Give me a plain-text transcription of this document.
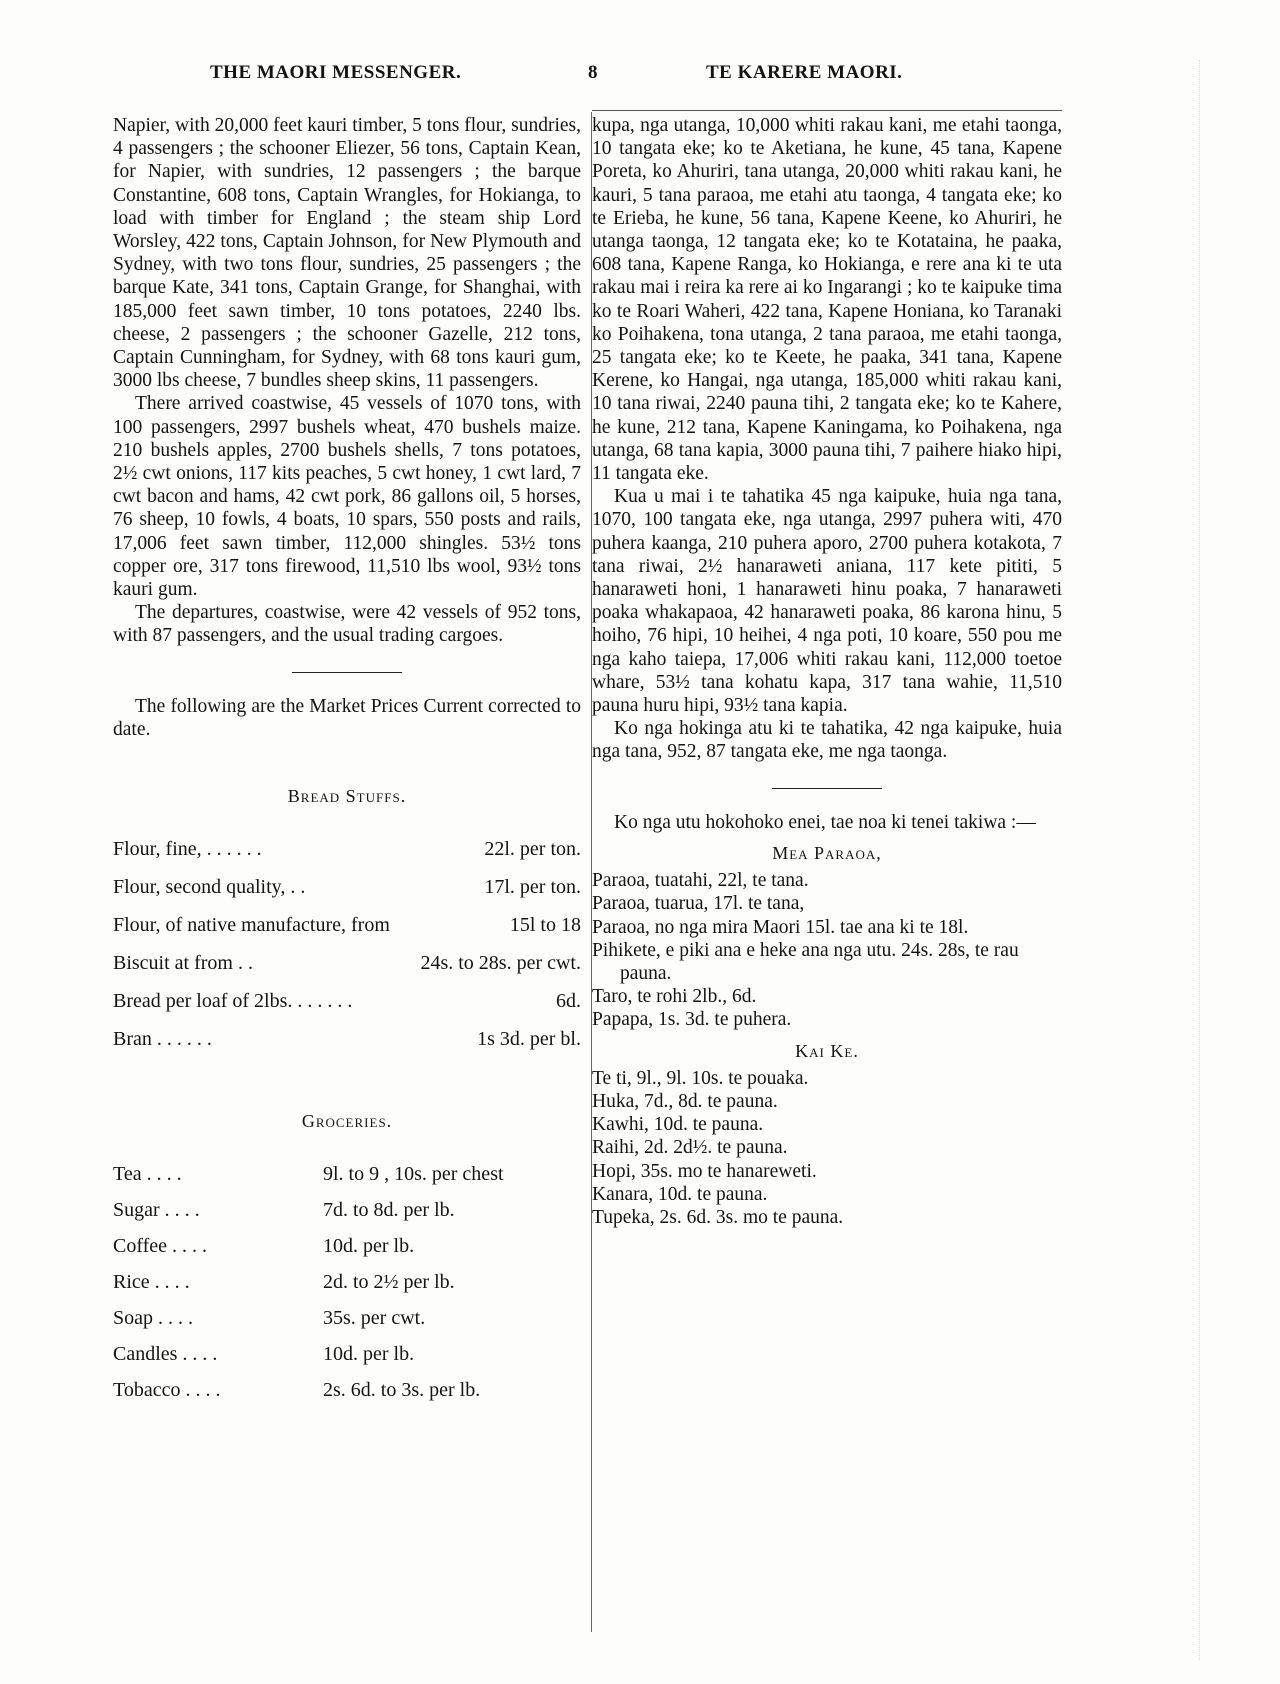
THE MAORI MESSENGER.	8	TE KARERE MAORI.

Napier, with 20,000 feet kauri timber, 5 tons flour, sundries, 4 passengers ; the schooner Eliezer, 56 tons, Captain Kean, for Napier, with sundries, 12 passengers ; the barque Constantine, 608 tons, Captain Wrangles, for Hokianga, to load with timber for England ; the steam ship Lord Worsley, 422 tons, Captain Johnson, for New Plymouth and Sydney, with two tons flour, sundries, 25 passengers ; the barque Kate, 341 tons, Captain Grange, for Shanghai, with 185,000 feet sawn timber, 10 tons potatoes, 2240 lbs. cheese, 2 passengers ; the schooner Gazelle, 212 tons, Captain Cunningham, for Sydney, with 68 tons kauri gum, 3000 lbs cheese, 7 bundles sheep skins, 11 passengers.

There arrived coastwise, 45 vessels of 1070 tons, with 100 passengers, 2997 bushels wheat, 470 bushels maize. 210 bushels apples, 2700 bushels shells, 7 tons potatoes, 2½ cwt onions, 117 kits peaches, 5 cwt honey, 1 cwt lard, 7 cwt bacon and hams, 42 cwt pork, 86 gallons oil, 5 horses, 76 sheep, 10 fowls, 4 boats, 10 spars, 550 posts and rails, 17,006 feet sawn timber, 112,000 shingles. 53½ tons copper ore, 317 tons firewood, 11,510 lbs wool, 93½ tons kauri gum.

The departures, coastwise, were 42 vessels of 952 tons, with 87 passengers, and the usual trading cargoes.

The following are the Market Prices Current corrected to date.

Bread Stuffs.

Flour, fine, . . . . . .	22l. per ton.
Flour, second quality, . .	17l. per ton.
Flour, of native manufacture, from	15l to 18
Biscuit at from . .	24s. to 28s. per cwt.
Bread per loaf of 2lbs. . . . . . .	6d.
Bran . . . . . .	1s 3d. per bl.

Groceries.

Tea . . . .	9l. to 9 , 10s. per chest
Sugar . . . .	7d. to 8d. per lb.
Coffee . . . .	10d. per lb.
Rice . . . .	2d. to 2½ per lb.
Soap . . . .	35s. per cwt.
Candles . . . .	10d. per lb.
Tobacco . . . .	2s. 6d. to 3s. per lb.

kupa, nga utanga, 10,000 whiti rakau kani, me etahi taonga, 10 tangata eke; ko te Aketiana, he kune, 45 tana, Kapene Poreta, ko Ahuriri, tana utanga, 20,000 whiti rakau kani, he kauri, 5 tana paraoa, me etahi atu taonga, 4 tangata eke; ko te Erieba, he kune, 56 tana, Kapene Keene, ko Ahuriri, he utanga taonga, 12 tangata eke; ko te Kotataina, he paaka, 608 tana, Kapene Ranga, ko Hokianga, e rere ana ki te uta rakau mai i reira ka rere ai ko Ingarangi ; ko te kaipuke tima ko te Roari Waheri, 422 tana, Kapene Honiana, ko Taranaki ko Poihakena, tona utanga, 2 tana paraoa, me etahi taonga, 25 tangata eke; ko te Keete, he paaka, 341 tana, Kapene Kerene, ko Hangai, nga utanga, 185,000 whiti rakau kani, 10 tana riwai, 2240 pauna tihi, 2 tangata eke; ko te Kahere, he kune, 212 tana, Kapene Kaningama, ko Poihakena, nga utanga, 68 tana kapia, 3000 pauna tihi, 7 paihere hiako hipi, 11 tangata eke.

Kua u mai i te tahatika 45 nga kaipuke, huia nga tana, 1070, 100 tangata eke, nga utanga, 2997 puhera witi, 470 puhera kaanga, 210 puhera aporo, 2700 puhera kotakota, 7 tana riwai, 2½ hanaraweti aniana, 117 kete pititi, 5 hanaraweti honi, 1 hanaraweti hinu poaka, 7 hanaraweti poaka whakapaoa, 42 hanaraweti poaka, 86 karona hinu, 5 hoiho, 76 hipi, 10 heihei, 4 nga poti, 10 koare, 550 pou me nga kaho taiepa, 17,006 whiti rakau kani, 112,000 toetoe whare, 53½ tana kohatu kapa, 317 tana wahie, 11,510 pauna huru hipi, 93½ tana kapia.

Ko nga hokinga atu ki te tahatika, 42 nga kaipuke, huia nga tana, 952, 87 tangata eke, me nga taonga.

Ko nga utu hokohoko enei, tae noa ki tenei takiwa :—

Mea Paraoa,

Paraoa, tuatahi, 22l, te tana.

Paraoa, tuarua, 17l. te tana,

Paraoa, no nga mira Maori 15l. tae ana ki te 18l.

Pihikete, e piki ana e heke ana nga utu. 24s. 28s, te rau pauna.

Taro, te rohi 2lb., 6d.

Papapa, 1s. 3d. te puhera.

Kai Ke.

Te ti, 9l., 9l. 10s. te pouaka.

Huka, 7d., 8d. te pauna.

Kawhi, 10d. te pauna.

Raihi, 2d. 2d½. te pauna.

Hopi, 35s. mo te hanareweti.

Kanara, 10d. te pauna.

Tupeka, 2s. 6d. 3s. mo te pauna.
